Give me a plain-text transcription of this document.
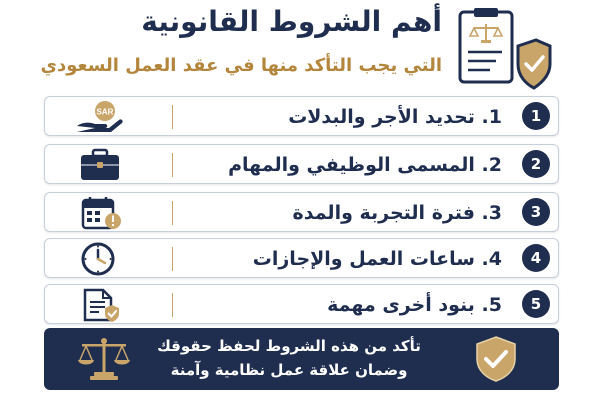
أهم الشروط القانونية
التي يجب التأكد منها في عقد العمل السعودي
1
1. تحديد الأجر والبدلات
SAR
2
2. المسمى الوظيفي والمهام
3
3. فترة التجربة والمدة
4
4. ساعات العمل والإجازات
5
5. بنود أخرى مهمة
تأكد من هذه الشروط لحفظ حقوقك
وضمان علاقة عمل نظامية وآمنة
